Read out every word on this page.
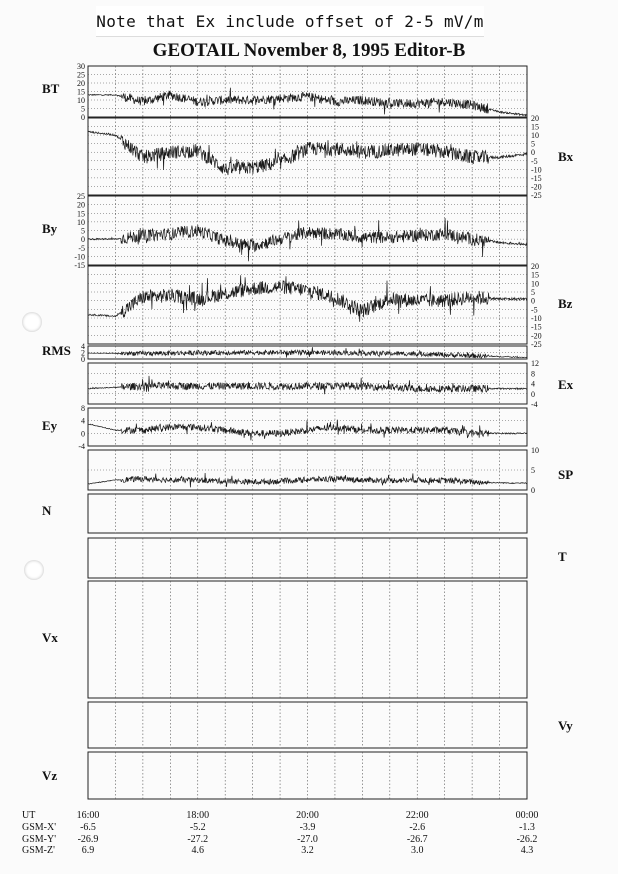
Note that Ex include offset of 2-5 mV/m
GEOTAIL November 8, 1995 Editor-B
BT
0
5
10
15
20
25
30
Bx
20
15
10
5
0
-5
-10
-15
-20
-25
By
25
20
15
10
5
0
-5
-10
-15
Bz
20
15
10
5
0
-5
-10
-15
-20
-25
RMS 4
2
0
Ex
12
8
4
0
-4
Ey
8
4
0
-4
SP
10
5
0
N
T
Vx
Vy
Vz
UT
GSM-X'
GSM-Y'
GSM-Z'
16:00
-6.5
-26.9
6.9
18:00
-5.2
-27.2
4.6
20:00
-3.9
-27.0
3.2
22:00
-2.6
-26.7
3.0
00:00
-1.3
-26.2
4.3
